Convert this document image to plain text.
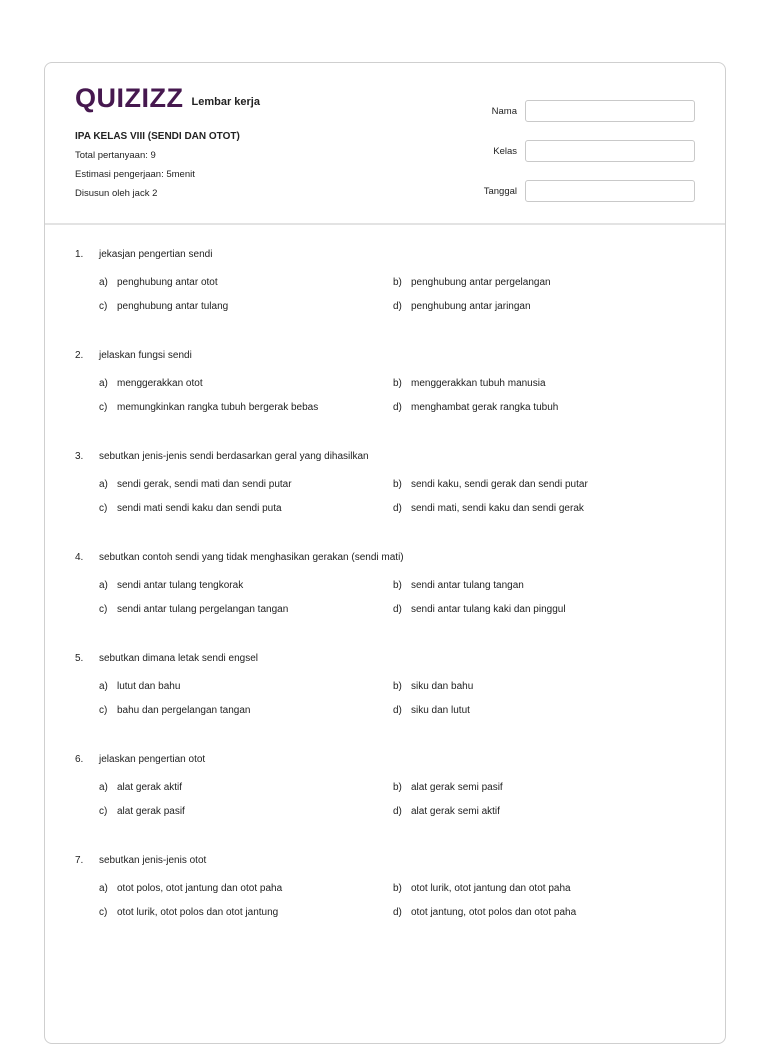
QUIZIZZ Lembar kerja
IPA KELAS VIII (SENDI DAN OTOT)
Total pertanyaan: 9
Estimasi pengerjaan: 5menit
Disusun oleh jack 2
Nama
Kelas
Tanggal
1.	jekasjan pengertian sendi
a) penghubung antar otot	b) penghubung antar pergelangan
c) penghubung antar tulang	d) penghubung antar jaringan
2.	jelaskan fungsi sendi
a) menggerakkan otot	b) menggerakkan tubuh manusia
c) memungkinkan rangka tubuh bergerak bebas	d) menghambat gerak rangka tubuh
3.	sebutkan jenis-jenis sendi berdasarkan geral yang dihasilkan
a) sendi gerak, sendi mati dan sendi putar	b) sendi kaku, sendi gerak dan sendi putar
c) sendi mati sendi kaku dan sendi puta	d) sendi mati, sendi kaku dan sendi gerak
4.	sebutkan contoh sendi yang tidak menghasikan gerakan (sendi mati)
a) sendi antar tulang tengkorak	b) sendi antar tulang tangan
c) sendi antar tulang pergelangan tangan	d) sendi antar tulang kaki dan pinggul
5.	sebutkan dimana letak sendi engsel
a) lutut dan bahu	b) siku dan bahu
c) bahu dan pergelangan tangan	d) siku dan lutut
6.	jelaskan pengertian otot
a) alat gerak aktif	b) alat gerak semi pasif
c) alat gerak pasif	d) alat gerak semi aktif
7.	sebutkan jenis-jenis otot
a) otot polos, otot jantung dan otot paha	b) otot lurik, otot jantung dan otot paha
c) otot lurik, otot polos dan otot jantung	d) otot jantung, otot polos dan otot paha
